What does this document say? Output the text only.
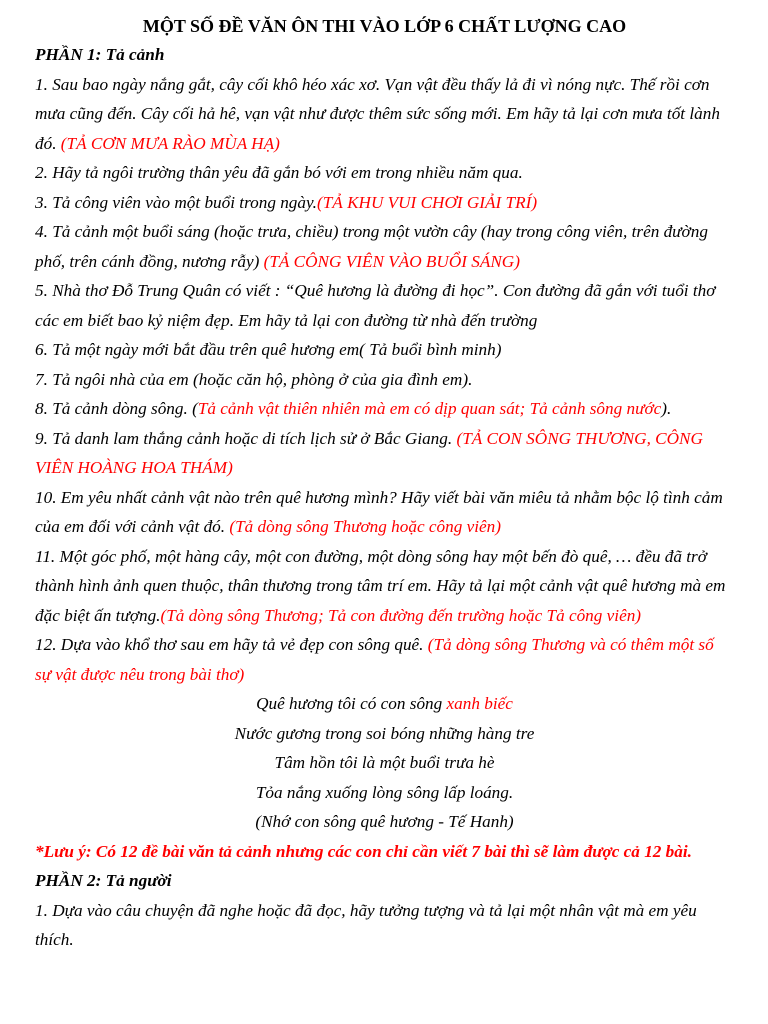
MỘT SỐ ĐỀ VĂN ÔN THI VÀO LỚP 6 CHẤT LƯỢNG CAO

PHẦN 1: Tả cảnh

1. Sau bao ngày nắng gắt, cây cối khô héo xác xơ. Vạn vật đều thấy lả đi vì nóng nực. Thế rồi cơn mưa cũng đến. Cây cối hả hê, vạn vật như được thêm sức sống mới. Em hãy tả lại cơn mưa tốt lành đó. (TẢ CƠN MƯA RÀO MÙA HẠ)

2. Hãy tả ngôi trường thân yêu đã gắn bó với em trong nhiều năm qua.

3. Tả công viên vào một buổi trong ngày.(TẢ KHU VUI CHƠI GIẢI TRÍ)

4. Tả cảnh một buổi sáng (hoặc trưa, chiều) trong một vườn cây (hay trong công viên, trên đường phố, trên cánh đồng, nương rẫy) (TẢ CÔNG VIÊN VÀO BUỔI SÁNG)

5. Nhà thơ Đỗ Trung Quân có viết : “Quê hương là đường đi học”. Con đường đã gắn với tuổi thơ các em biết bao kỷ niệm đẹp. Em hãy tả lại con đường từ nhà đến trường

6. Tả một ngày mới bắt đầu trên quê hương em( Tả buổi bình minh)

7. Tả ngôi nhà của em (hoặc căn hộ, phòng ở của gia đình em).

8. Tả cảnh dòng sông. (Tả cảnh vật thiên nhiên mà em có dịp quan sát; Tả cảnh sông nước).

9. Tả danh lam thắng cảnh hoặc di tích lịch sử ở Bắc Giang. (TẢ CON SÔNG THƯƠNG, CÔNG VIÊN HOÀNG HOA THÁM)

10. Em yêu nhất cảnh vật nào trên quê hương mình? Hãy viết bài văn miêu tả nhằm bộc lộ tình cảm của em đối với cảnh vật đó. (Tả dòng sông Thương hoặc công viên)

11. Một góc phố, một hàng cây, một con đường, một dòng sông hay một bến đò quê, … đều đã trở thành hình ảnh quen thuộc, thân thương trong tâm trí em. Hãy tả lại một cảnh vật quê hương mà em đặc biệt ấn tượng.(Tả dòng sông Thương; Tả con đường đến trường hoặc Tả công viên)

12. Dựa vào khổ thơ sau em hãy tả vẻ đẹp con sông quê. (Tả dòng sông Thương và có thêm một số sự vật được nêu trong bài thơ)

Quê hương tôi có con sông xanh biếc

Nước gương trong soi bóng những hàng tre

Tâm hồn tôi là một buổi trưa hè

Tỏa nắng xuống lòng sông lấp loáng.

(Nhớ con sông quê hương - Tế Hanh)

*Lưu ý: Có 12 đề bài văn tả cảnh nhưng các con chỉ cần viết 7 bài thì sẽ làm được cả 12 bài.

PHẦN 2: Tả người

1. Dựa vào câu chuyện đã nghe hoặc đã đọc, hãy tưởng tượng và tả lại một nhân vật mà em yêu thích.
